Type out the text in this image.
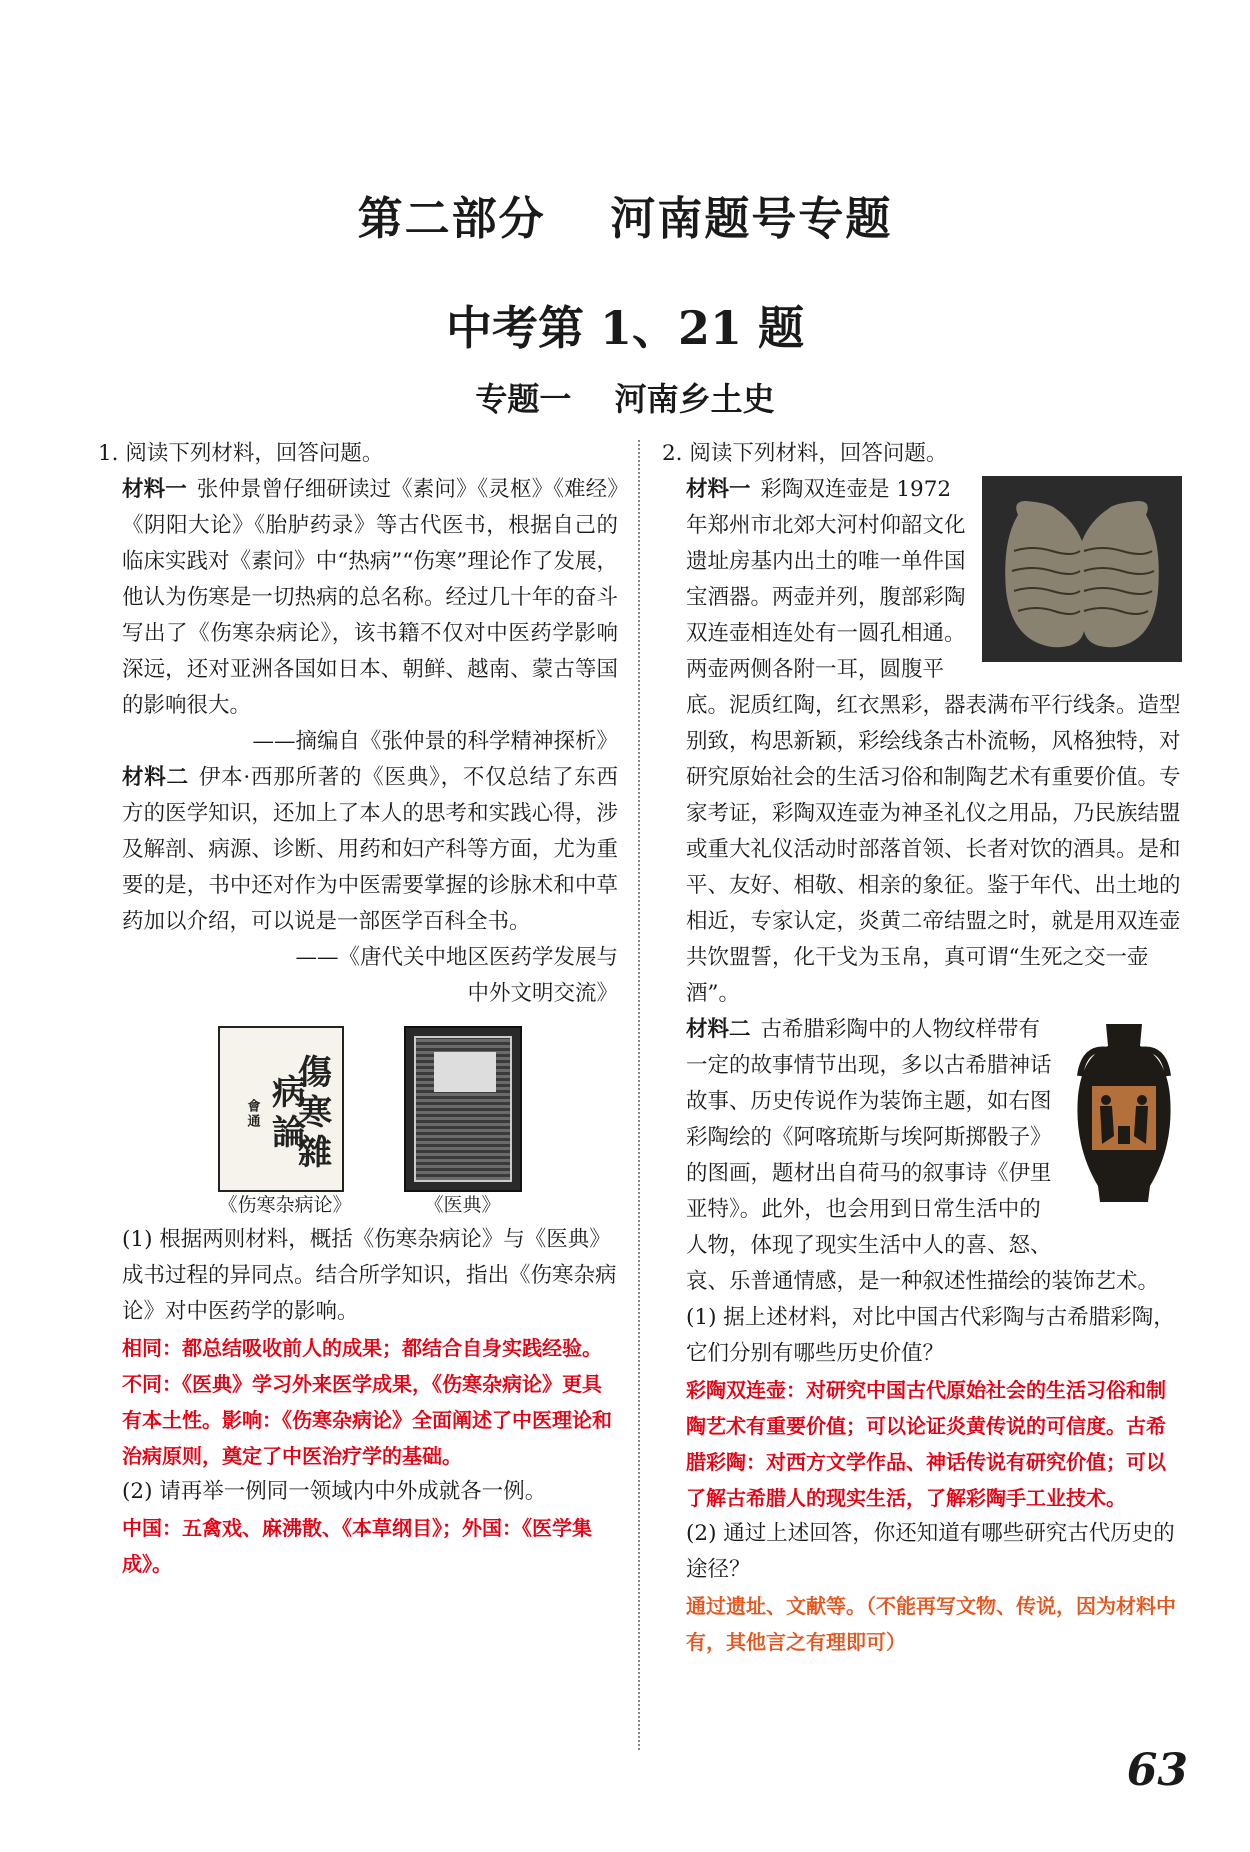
第二部分　 河南题号专题
中考第 1、21 题
专题一　 河南乡土史

1. 阅读下列材料，回答问题。

材料一 张仲景曾仔细研读过《素问》《灵枢》《难经》《阴阳大论》《胎胪药录》等古代医书，根据自己的临床实践对《素问》中“热病”“伤寒”理论作了发展，他认为伤寒是一切热病的总名称。经过几十年的奋斗写出了《伤寒杂病论》，该书籍不仅对中医药学影响深远，还对亚洲各国如日本、朝鲜、越南、蒙古等国的影响很大。

——摘编自《张仲景的科学精神探析》

材料二 伊本·西那所著的《医典》，不仅总结了东西方的医学知识，还加上了本人的思考和实践心得，涉及解剖、病源、诊断、用药和妇产科等方面，尤为重要的是，书中还对作为中医需要掌握的诊脉术和中草药加以介绍，可以说是一部医学百科全书。

——《唐代关中地区医药学发展与

中外文明交流》

傷寒雜病論
會通
《伤寒杂病论》	《医典》

(1) 根据两则材料，概括《伤寒杂病论》与《医典》成书过程的异同点。结合所学知识，指出《伤寒杂病论》对中医药学的影响。

相同：都总结吸收前人的成果；都结合自身实践经验。不同：《医典》学习外来医学成果，《伤寒杂病论》更具有本土性。影响：《伤寒杂病论》全面阐述了中医理论和治病原则，奠定了中医治疗学的基础。

(2) 请再举一例同一领域内中外成就各一例。

中国：五禽戏、麻沸散、《本草纲目》；外国：《医学集成》。

2. 阅读下列材料，回答问题。

材料一 彩陶双连壶是 1972 年郑州市北郊大河村仰韶文化遗址房基内出土的唯一单件国宝酒器。两壶并列，腹部彩陶双连壶相连处有一圆孔相通。两壶两侧各附一耳，圆腹平底。泥质红陶，红衣黑彩，器表满布平行线条。造型别致，构思新颖，彩绘线条古朴流畅，风格独特，对研究原始社会的生活习俗和制陶艺术有重要价值。专家考证，彩陶双连壶为神圣礼仪之用品，乃民族结盟或重大礼仪活动时部落首领、长者对饮的酒具。是和平、友好、相敬、相亲的象征。鉴于年代、出土地的相近，专家认定，炎黄二帝结盟之时，就是用双连壶共饮盟誓，化干戈为玉帛，真可谓“生死之交一壶酒”。
材料二 古希腊彩陶中的人物纹样带有一定的故事情节出现，多以古希腊神话故事、历史传说作为装饰主题，如右图彩陶绘的《阿喀琉斯与埃阿斯掷骰子》的图画，题材出自荷马的叙事诗《伊里亚特》。此外，也会用到日常生活中的人物，体现了现实生活中人的喜、怒、哀、乐普通情感，是一种叙述性描绘的装饰艺术。

(1) 据上述材料，对比中国古代彩陶与古希腊彩陶，它们分别有哪些历史价值？

彩陶双连壶：对研究中国古代原始社会的生活习俗和制陶艺术有重要价值；可以论证炎黄传说的可信度。古希腊彩陶：对西方文学作品、神话传说有研究价值；可以了解古希腊人的现实生活，了解彩陶手工业技术。

(2) 通过上述回答，你还知道有哪些研究古代历史的途径？

通过遗址、文献等。（不能再写文物、传说，因为材料中有，其他言之有理即可）

63
